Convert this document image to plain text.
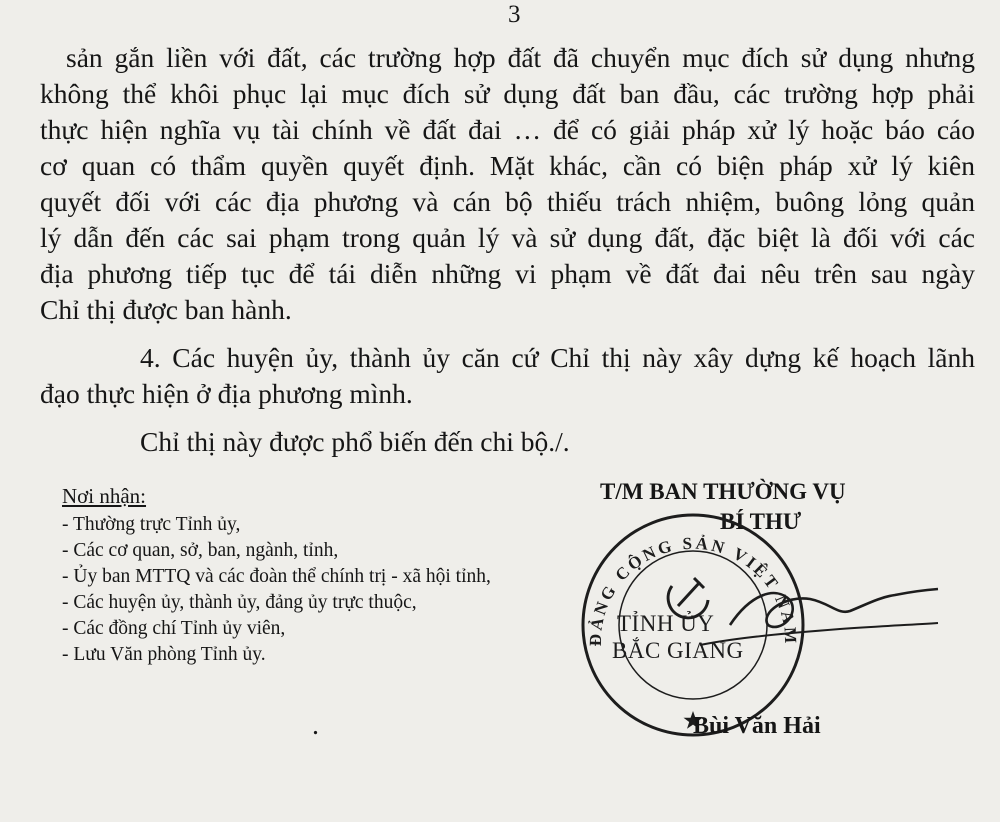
3
sản gắn liền với đất, các trường hợp đất đã chuyển mục đích sử dụng nhưng
không thể khôi phục lại mục đích sử dụng đất ban đầu, các trường hợp phải
thực hiện nghĩa vụ tài chính về đất đai … để có giải pháp xử lý hoặc báo cáo
cơ quan có thẩm quyền quyết định. Mặt khác, cần có biện pháp xử lý kiên
quyết đối với các địa phương và cán bộ thiếu trách nhiệm, buông lỏng quản
lý dẫn đến các sai phạm trong quản lý và sử dụng đất, đặc biệt là đối với các
địa phương tiếp tục để tái diễn những vi phạm về đất đai nêu trên sau ngày
Chỉ thị được ban hành.
4. Các huyện ủy, thành ủy căn cứ Chỉ thị này xây dựng kế hoạch lãnh
đạo thực hiện ở địa phương mình.
Chỉ thị này được phổ biến đến chi bộ./.
Nơi nhận:
- Thường trực Tỉnh ủy,
- Các cơ quan, sở, ban, ngành, tỉnh,
- Ủy ban MTTQ và các đoàn thể chính trị - xã hội tỉnh,
- Các huyện ủy, thành ủy, đảng ủy trực thuộc,
- Các đồng chí Tỉnh ủy viên,
- Lưu Văn phòng Tỉnh ủy.
.
T/M BAN THƯỜNG VỤ
BÍ THƯ
ĐẢNG CỘNG SẢN VIỆT NAM
TỈNH ỦY
BẮC GIANG
Bùi Văn Hải
